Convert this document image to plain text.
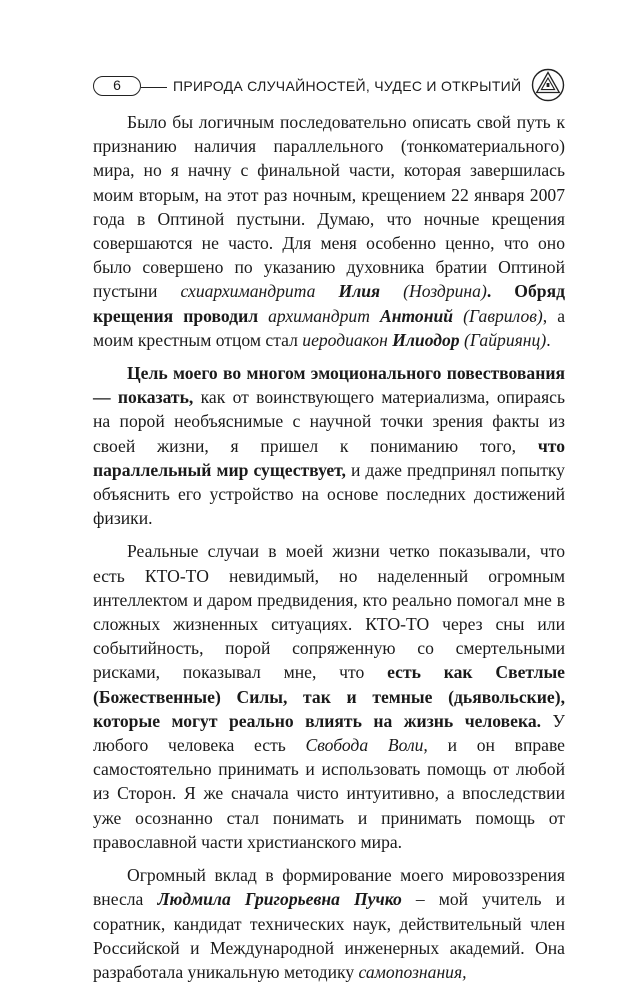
6	ПРИРОДА СЛУЧАЙНОСТЕЙ, ЧУДЕС И ОТКРЫТИЙ

Было бы логичным последовательно описать свой путь к признанию наличия параллельного (тонкоматериального) мира, но я начну с финальной части, которая завершилась моим вторым, на этот раз ночным, крещением 22 января 2007 года в Оптиной пустыни. Думаю, что ночные крещения совершаются не часто. Для меня особенно ценно, что оно было совершено по указанию духовника братии Оптиной пустыни схиархимандрита Илия (Ноздрина). Обряд крещения проводил архимандрит Антоний (Гаврилов), а моим крестным отцом стал иеродиакон Илиодор (Гайриянц).

Цель моего во многом эмоционального повествования — показать, как от воинствующего материализма, опираясь на порой необъяснимые с научной точки зрения факты из своей жизни, я пришел к пониманию того, что параллельный мир существует, и даже предпринял попытку объяснить его устройство на основе последних достижений физики.

Реальные случаи в моей жизни четко показывали, что есть КТО-ТО невидимый, но наделенный огромным интеллектом и даром предвидения, кто реально помогал мне в сложных жизненных ситуациях. КТО-ТО через сны или событийность, порой сопряженную со смертельными рисками, показывал мне, что есть как Светлые (Божественные) Силы, так и темные (дьявольские), которые могут реально влиять на жизнь человека. У любого человека есть Свобода Воли, и он вправе самостоятельно принимать и использовать помощь от любой из Сторон. Я же сначала чисто интуитивно, а впоследствии уже осознанно стал понимать и принимать помощь от православной части христианского мира.

Огромный вклад в формирование моего мировоззрения внесла Людмила Григорьевна Пучко – мой учитель и соратник, кандидат технических наук, действительный член Российской и Международной инженерных академий. Она разработала уникальную методику самопознания,
